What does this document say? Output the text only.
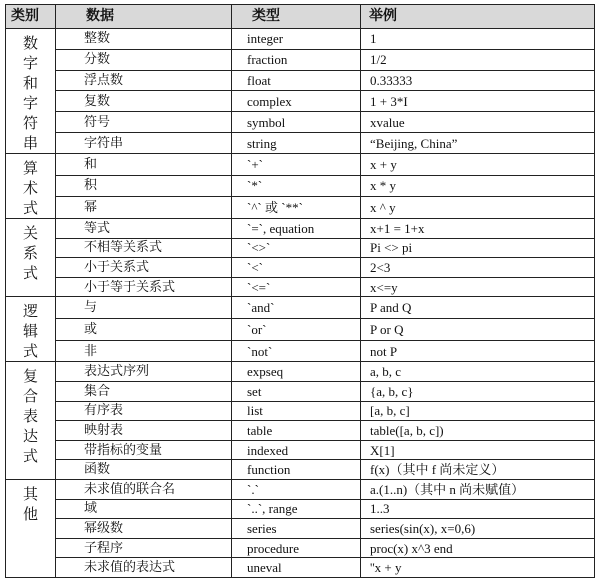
类别	数据	类型	举例

数字和字符串	整数	integer	1
	分数	fraction	1/2
	浮点数	float	0.33333
	复数	complex	1 + 3*I
	符号	symbol	xvalue
	字符串	string	“Beijing, China”

算术式	和	`+`	x + y
	积	`*`	x * y
	幂	`^` 或 `**`	x ^ y

关系式	等式	`=`, equation	x+1 = 1+x
	不相等关系式	`<>`	Pi <> pi
	小于关系式	`<`	2<3
	小于等于关系式	`<=`	x<=y

逻辑式	与	`and`	P and Q
	或	`or`	P or Q
	非	`not`	not P

复合表达式	表达式序列	expseq	a, b, c
	集合	set	{a, b, c}
	有序表	list	[a, b, c]
	映射表	table	table([a, b, c])
	带指标的变量	indexed	X[1]
	函数	function	f(x)（其中 f 尚未定义）

其他	未求值的联合名	`.`	a.(1..n)（其中 n 尚未赋值）
	域	`..`, range	1..3
	幂级数	series	series(sin(x), x=0,6)
	子程序	procedure	proc(x) x^3 end
	未求值的表达式	uneval	''x + y
